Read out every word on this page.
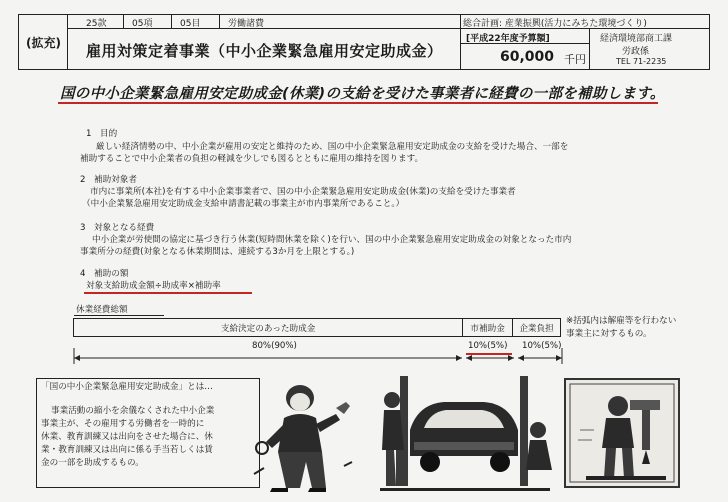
(拡充)
25款	05項	05目	労働諸費	総合計画: 産業振興(活力にみちた環境づくり)
雇用対策定着事業（中小企業緊急雇用安定助成金）
[平成22年度予算額]
60,000 千円
経済環境部商工課
労政係
TEL 71-2235
国の中小企業緊急雇用安定助成金(休業)の支給を受けた事業者に経費の一部を補助します。
1　目的
厳しい経済情勢の中、中小企業が雇用の安定と維持のため、国の中小企業緊急雇用安定助成金の支給を受けた場合、一部を
補助することで中小企業者の負担の軽減を少しでも図るとともに雇用の維持を図ります。
2　補助対象者
市内に事業所(本社)を有する中小企業事業者で、国の中小企業緊急雇用安定助成金(休業)の支給を受けた事業者
（中小企業緊急雇用安定助成金支給申請書記載の事業主が市内事業所であること。）
3　対象となる経費
中小企業が労使間の協定に基づき行う休業(短時間休業を除く)を行い、国の中小企業緊急雇用安定助成金の対象となった市内
事業所分の経費(対象となる休業期間は、連続する3か月を上限とする。)
4　補助の額
対象支給助成金額÷助成率×補助率
休業経費総額
支給決定のあった助成金	市補助金	企業負担
※括弧内は解雇等を行わない
事業主に対するもの。
80%(90%)	10%(5%) 10%(5%)
「国の中小企業緊急雇用安定助成金」とは…
事業活動の縮小を余儀なくされた中小企業
事業主が、その雇用する労働者を一時的に
休業、教育訓練又は出向をさせた場合に、休
業・教育訓練又は出向に係る手当若しくは賃
金の一部を助成するもの。
